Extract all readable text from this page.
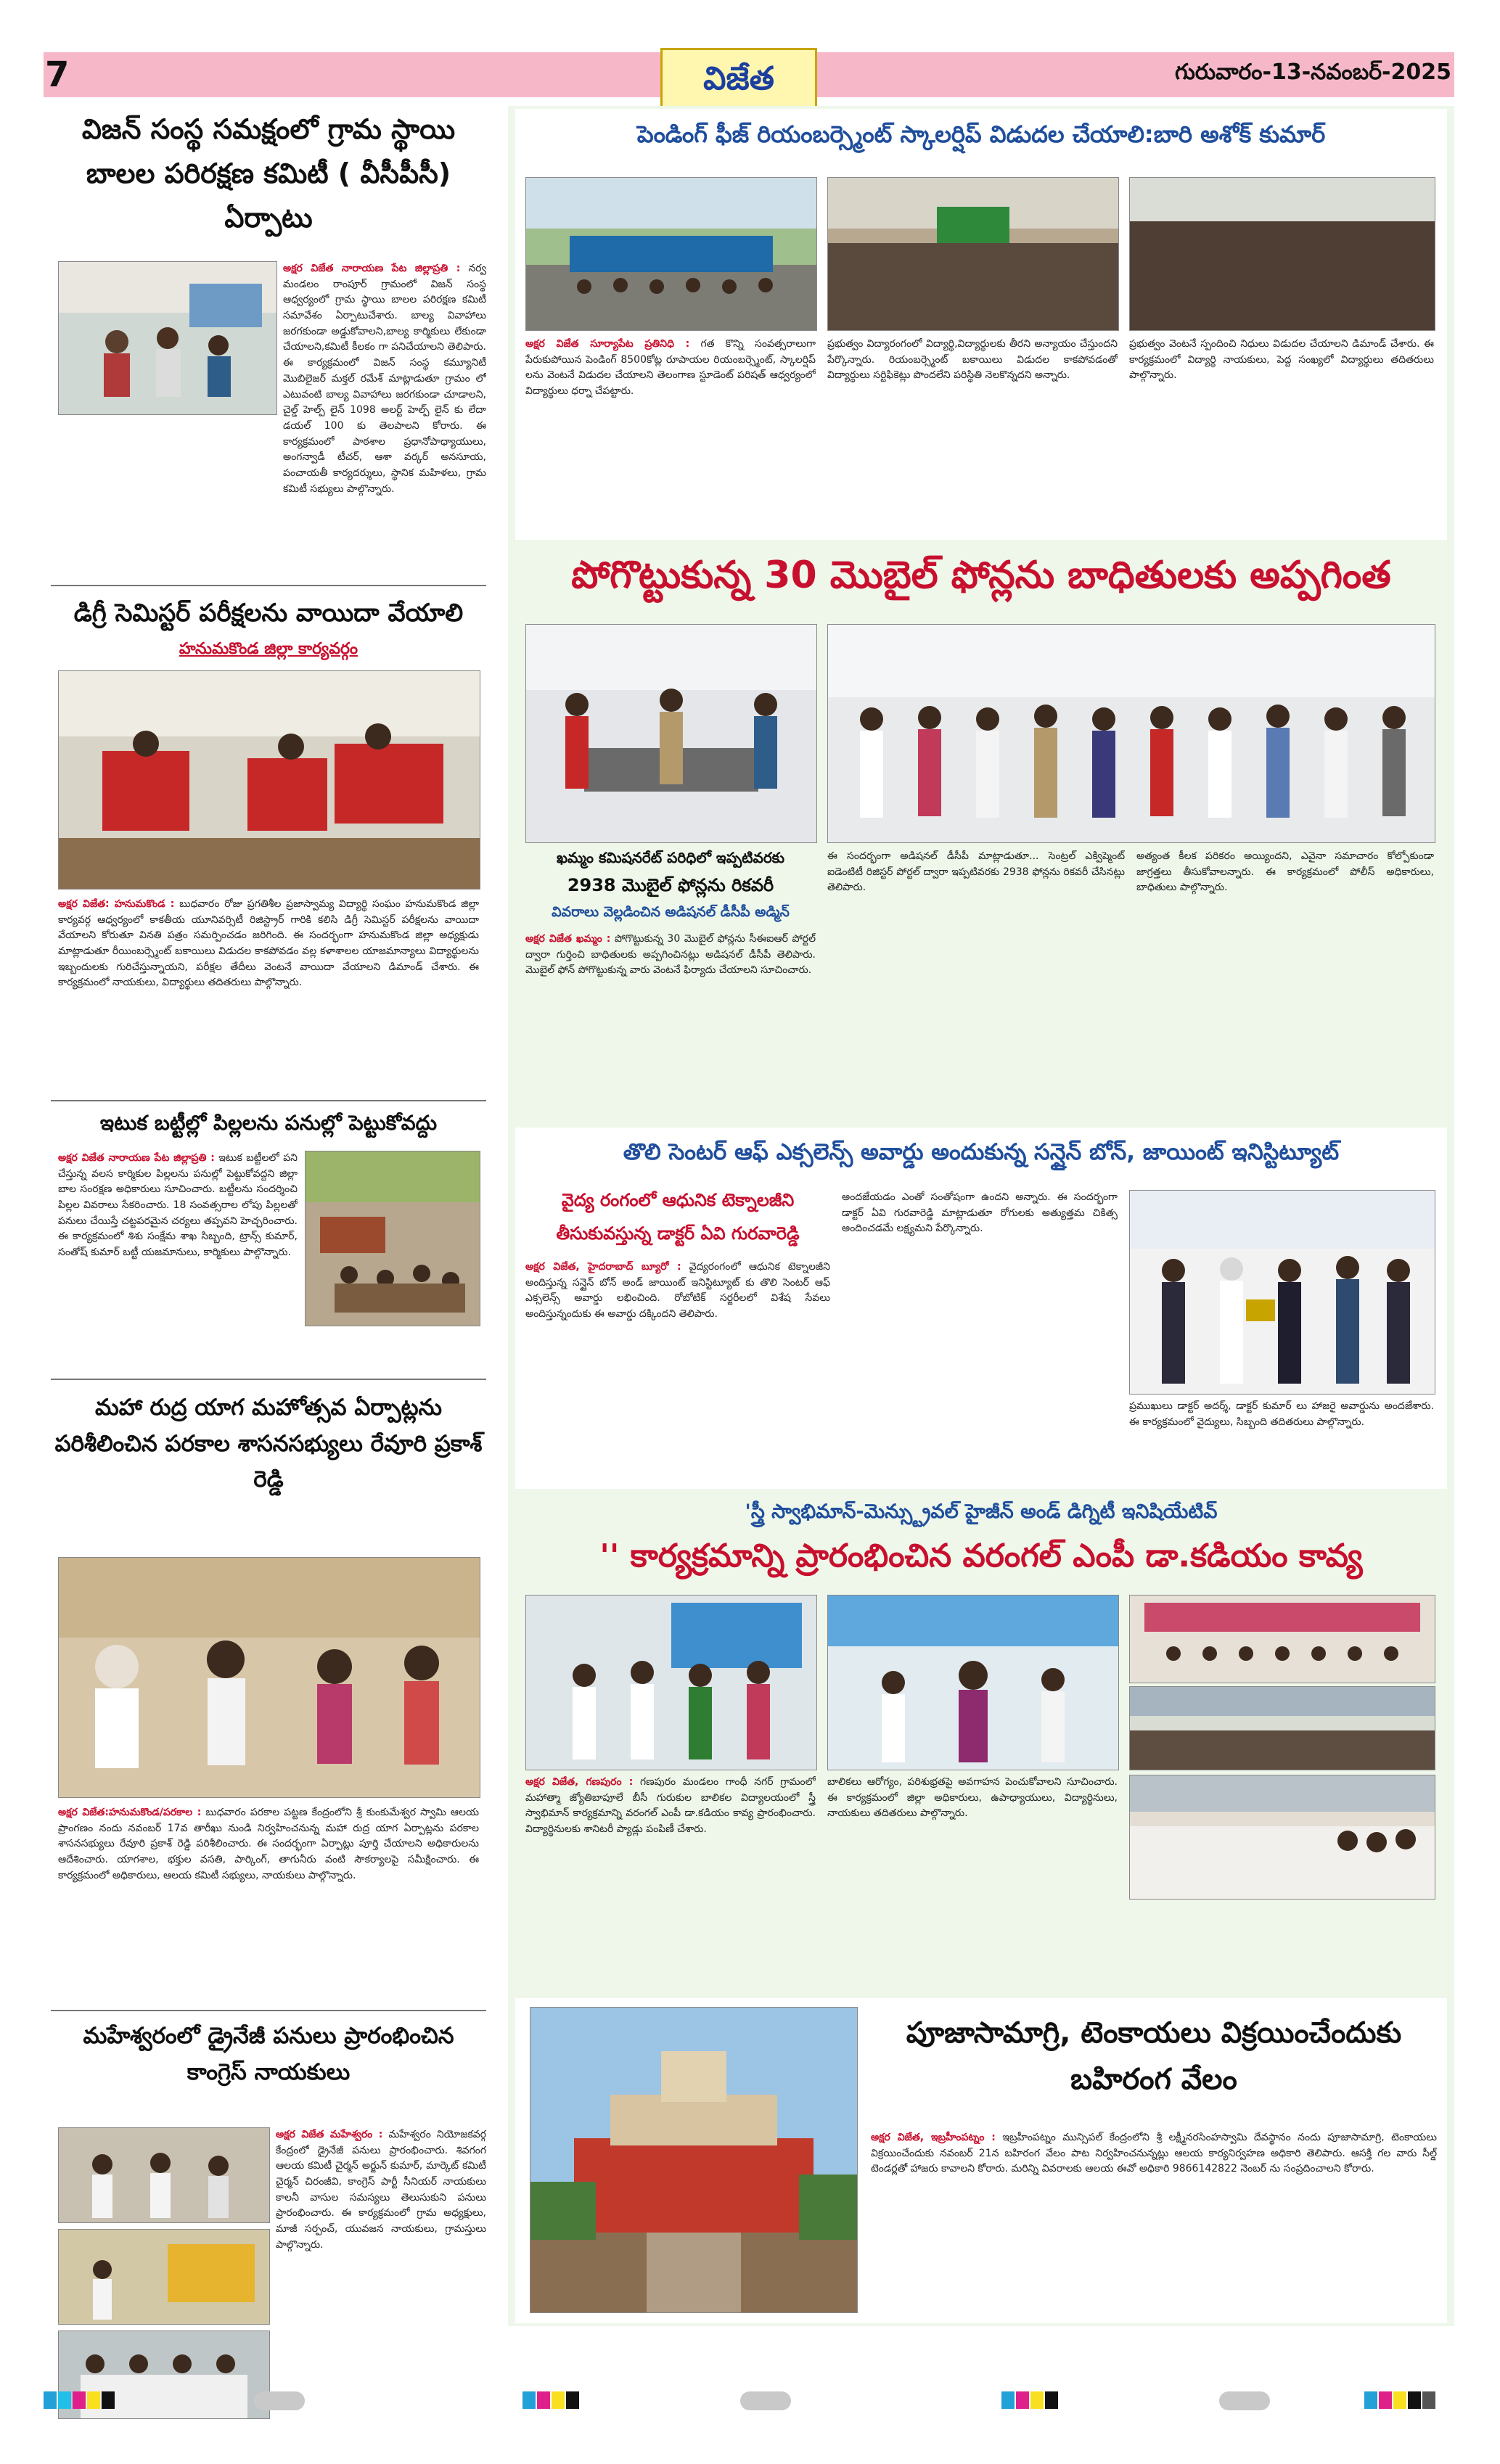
7	విజేత	గురువారం-13-నవంబర్-2025
విజన్ సంస్థ సమక్షంలో గ్రామ స్థాయి బాలల పరిరక్షణ కమిటీ ( వీసీపీసీ) ఏర్పాటు
అక్షర విజేత నారాయణ పేట జిల్లాప్రతి : నర్వ మండలం రాంపూర్ గ్రామంలో విజన్ సంస్థ ఆధ్వర్యంలో గ్రామ స్థాయి బాలల పరిరక్షణ కమిటీ సమావేశం ఏర్పాటుచేశారు. బాల్య వివాహాలు జరగకుండా అడ్డుకోవాలని,బాల్య కార్మికులు లేకుండా చేయాలని,కమిటీ కీలకం గా పనిచేయాలని తెలిపారు. ఈ కార్యక్రమంలో విజన్ సంస్థ కమ్యూనిటీ మొబిలైజర్ మక్తల్ రమేశ్ మాట్లాడుతూ గ్రామం లో ఎటువంటి బాల్య వివాహాలు జరగకుండా చూడాలని, చైల్డ్ హెల్ప్ లైన్ 1098 అలర్ట్ హెల్ప్ లైన్ కు లేదా డయల్ 100 కు తెలపాలని కోరారు. ఈ కార్యక్రమంలో పాఠశాల ప్రధానోపాధ్యాయులు, అంగన్వాడీ టీచర్, ఆశా వర్కర్ అనసూయ, పంచాయతీ కార్యదర్శులు, స్థానిక మహిళలు, గ్రామ కమిటీ సభ్యులు పాల్గొన్నారు.
డిగ్రీ సెమిస్టర్ పరీక్షలను వాయిదా వేయాలి
హనుమకొండ జిల్లా కార్యవర్గం
అక్షర విజేత: హనుమకొండ : బుధవారం రోజు ప్రగతిశీల ప్రజాస్వామ్య విద్యార్థి సంఘం హనుమకొండ జిల్లా కార్యవర్గ ఆధ్వర్యంలో కాకతీయ యూనివర్సిటీ రిజిస్ట్రార్ గారికి కలిసి డిగ్రీ సెమిస్టర్ పరీక్షలను వాయిదా వేయాలని కోరుతూ వినతి పత్రం సమర్పించడం జరిగింది. ఈ సందర్భంగా హనుమకొండ జిల్లా అధ్యక్షుడు మాట్లాడుతూ రీయింబర్స్మెంట్ బకాయిలు విడుదల కాకపోవడం వల్ల కళాశాలల యాజమాన్యాలు విద్యార్థులను ఇబ్బందులకు గురిచేస్తున్నాయని, పరీక్షల తేదీలు వెంటనే వాయిదా వేయాలని డిమాండ్ చేశారు. ఈ కార్యక్రమంలో నాయకులు, విద్యార్థులు తదితరులు పాల్గొన్నారు.
ఇటుక బట్టీల్లో పిల్లలను పనుల్లో పెట్టుకోవద్దు
అక్షర విజేత నారాయణ పేట జిల్లాప్రతి : ఇటుక బట్టీలలో పని చేస్తున్న వలస కార్మికుల పిల్లలను పనుల్లో పెట్టుకోవద్దని జిల్లా బాల సంరక్షణ అధికారులు సూచించారు. బట్టీలను సందర్శించి పిల్లల వివరాలు సేకరించారు. 18 సంవత్సరాల లోపు పిల్లలతో పనులు చేయిస్తే చట్టపరమైన చర్యలు తప్పవని హెచ్చరించారు. ఈ కార్యక్రమంలో శిశు సంక్షేమ శాఖ సిబ్బంది, ట్రాన్స్ కుమార్, సంతోష్ కుమార్ బట్టీ యజమానులు, కార్మికులు పాల్గొన్నారు.
మహా రుద్ర యాగ మహోత్సవ ఏర్పాట్లను పరిశీలించిన పరకాల శాసనసభ్యులు రేవూరి ప్రకాశ్ రెడ్డి
అక్షర విజేత:హనుమకొండ/పరకాల : బుధవారం పరకాల పట్టణ కేంద్రంలోని శ్రీ కుంకుమేశ్వర స్వామి ఆలయ ప్రాంగణం నందు నవంబర్ 17వ తారీఖు నుండి నిర్వహించనున్న మహా రుద్ర యాగ ఏర్పాట్లను పరకాల శాసనసభ్యులు రేవూరి ప్రకాశ్ రెడ్డి పరిశీలించారు. ఈ సందర్భంగా ఏర్పాట్లు పూర్తి చేయాలని అధికారులను ఆదేశించారు. యాగశాల, భక్తుల వసతి, పార్కింగ్, తాగునీరు వంటి సౌకర్యాలపై సమీక్షించారు. ఈ కార్యక్రమంలో అధికారులు, ఆలయ కమిటీ సభ్యులు, నాయకులు పాల్గొన్నారు.
మహేశ్వరంలో డ్రైనేజీ పనులు ప్రారంభించిన కాంగ్రెస్ నాయకులు
అక్షర విజేత మహేశ్వరం : మహేశ్వరం నియోజకవర్గ కేంద్రంలో డ్రైనేజీ పనులు ప్రారంభించారు. శివగంగ ఆలయ కమిటీ చైర్మన్ అర్జున్ కుమార్, మార్కెట్ కమిటీ చైర్మన్ చిరంజీవి, కాంగ్రెస్ పార్టీ సీనియర్ నాయకులు కాలనీ వాసుల సమస్యలు తెలుసుకుని పనులు ప్రారంభించారు. ఈ కార్యక్రమంలో గ్రామ అధ్యక్షులు, మాజీ సర్పంచ్, యువజన నాయకులు, గ్రామస్తులు పాల్గొన్నారు.
పెండింగ్ ఫీజ్ రియంబర్స్మెంట్ స్కాలర్షిప్ విడుదల చేయాలి:బారి అశోక్ కుమార్
అక్షర విజేత సూర్యాపేట ప్రతినిధి : గత కొన్ని సంవత్సరాలుగా పేరుకుపోయిన పెండింగ్ 8500కోట్ల రూపాయల రియంబర్స్మెంట్, స్కాలర్షిప్ లను వెంటనే విడుదల చేయాలని తెలంగాణ స్టూడెంట్ పరిషత్ ఆధ్వర్యంలో విద్యార్థులు ధర్నా చేపట్టారు.
ప్రభుత్వం విద్యారంగంలో విద్యార్థి,విద్యార్థులకు తీరని అన్యాయం చేస్తుందని పేర్కొన్నారు. రియంబర్స్మెంట్ బకాయిలు విడుదల కాకపోవడంతో విద్యార్థులు సర్టిఫికెట్లు పొందలేని పరిస్థితి నెలకొన్నదని అన్నారు.
ప్రభుత్వం వెంటనే స్పందించి నిధులు విడుదల చేయాలని డిమాండ్ చేశారు. ఈ కార్యక్రమంలో విద్యార్థి నాయకులు, పెద్ద సంఖ్యలో విద్యార్థులు తదితరులు పాల్గొన్నారు.
పోగొట్టుకున్న 30 మొబైల్ ఫోన్లను బాధితులకు అప్పగింత
ఖమ్మం కమిషనరేట్ పరిధిలో ఇప్పటివరకు
2938 మొబైల్ ఫోన్లను రికవరీ
వివరాలు వెల్లడించిన అడిషనల్ డీసీపీ అడ్మిన్
అక్షర విజేత ఖమ్మం : పోగొట్టుకున్న 30 మొబైల్ ఫోన్లను సీఈఐఆర్ పోర్టల్ ద్వారా గుర్తించి బాధితులకు అప్పగించినట్లు అడిషనల్ డీసీపీ తెలిపారు. మొబైల్ ఫోన్ పోగొట్టుకున్న వారు వెంటనే ఫిర్యాదు చేయాలని సూచించారు.
ఈ సందర్భంగా అడిషనల్ డీసీపీ మాట్లాడుతూ... సెంట్రల్ ఎక్విప్మెంట్ ఐడెంటిటీ రిజిస్టర్ పోర్టల్ ద్వారా ఇప్పటివరకు 2938 ఫోన్లను రికవరీ చేసినట్లు తెలిపారు.
అత్యంత కీలక పరికరం అయ్యిందని, ఎవైనా సమాచారం కోల్పోకుండా జాగ్రత్తలు తీసుకోవాలన్నారు. ఈ కార్యక్రమంలో పోలీస్ అధికారులు, బాధితులు పాల్గొన్నారు.
తొలి సెంటర్ ఆఫ్ ఎక్సలెన్స్ అవార్డు అందుకున్న సన్షైన్ బోన్, జాయింట్ ఇనిస్టిట్యూట్
వైద్య రంగంలో ఆధునిక టెక్నాలజీని
తీసుకువస్తున్న డాక్టర్ ఏవి గురవారెడ్డి
అక్షర విజేత, హైదరాబాద్ బ్యూరో : వైద్యరంగంలో ఆధునిక టెక్నాలజీని అందిస్తున్న సన్షైన్ బోన్ అండ్ జాయింట్ ఇనిస్టిట్యూట్ కు తొలి సెంటర్ ఆఫ్ ఎక్సలెన్స్ అవార్డు లభించింది. రోబోటిక్ సర్జరీలలో విశేష సేవలు అందిస్తున్నందుకు ఈ అవార్డు దక్కిందని తెలిపారు.
అందజేయడం ఎంతో సంతోషంగా ఉందని అన్నారు. ఈ సందర్భంగా డాక్టర్ ఏవి గురవారెడ్డి మాట్లాడుతూ రోగులకు అత్యుత్తమ చికిత్స అందించడమే లక్ష్యమని పేర్కొన్నారు.
ప్రముఖులు డాక్టర్ అదర్శ్, డాక్టర్ కుమార్ లు హాజరై అవార్డును అందజేశారు. ఈ కార్యక్రమంలో వైద్యులు, సిబ్బంది తదితరులు పాల్గొన్నారు.
'స్త్రీ స్వాభిమాన్-మెన్స్ట్రువల్ హైజీన్ అండ్ డిగ్నిటీ ఇనిషియేటివ్
'' కార్యక్రమాన్ని ప్రారంభించిన వరంగల్ ఎంపీ డా.కడియం కావ్య
అక్షర విజేత, గణపురం : గణపురం మండలం గాంధీ నగర్ గ్రామంలో మహాత్మా జ్యోతిబాపూలే బీసీ గురుకుల బాలికల విద్యాలయంలో స్త్రీ స్వాభిమాన్ కార్యక్రమాన్ని వరంగల్ ఎంపీ డా.కడియం కావ్య ప్రారంభించారు. విద్యార్థినులకు శానిటరీ ప్యాడ్లు పంపిణీ చేశారు.
బాలికలు ఆరోగ్యం, పరిశుభ్రతపై అవగాహన పెంచుకోవాలని సూచించారు. ఈ కార్యక్రమంలో జిల్లా అధికారులు, ఉపాధ్యాయులు, విద్యార్థినులు, నాయకులు తదితరులు పాల్గొన్నారు.
పూజాసామాగ్రి, టెంకాయలు విక్రయించేందుకు బహిరంగ వేలం
అక్షర విజేత, ఇబ్రహీంపట్నం : ఇబ్రహీంపట్నం మున్సిపల్ కేంద్రంలోని శ్రీ లక్ష్మీనరసింహస్వామి దేవస్థానం నందు పూజాసామాగ్రి, టెంకాయలు విక్రయించేందుకు నవంబర్ 21న బహిరంగ వేలం పాట నిర్వహించనున్నట్లు ఆలయ కార్యనిర్వహణ అధికారి తెలిపారు. ఆసక్తి గల వారు సీల్డ్ టెండర్లతో హాజరు కావాలని కోరారు. మరిన్ని వివరాలకు ఆలయ ఈవో అధికారి 9866142822 నెంబర్ ను సంప్రదించాలని కోరారు.
